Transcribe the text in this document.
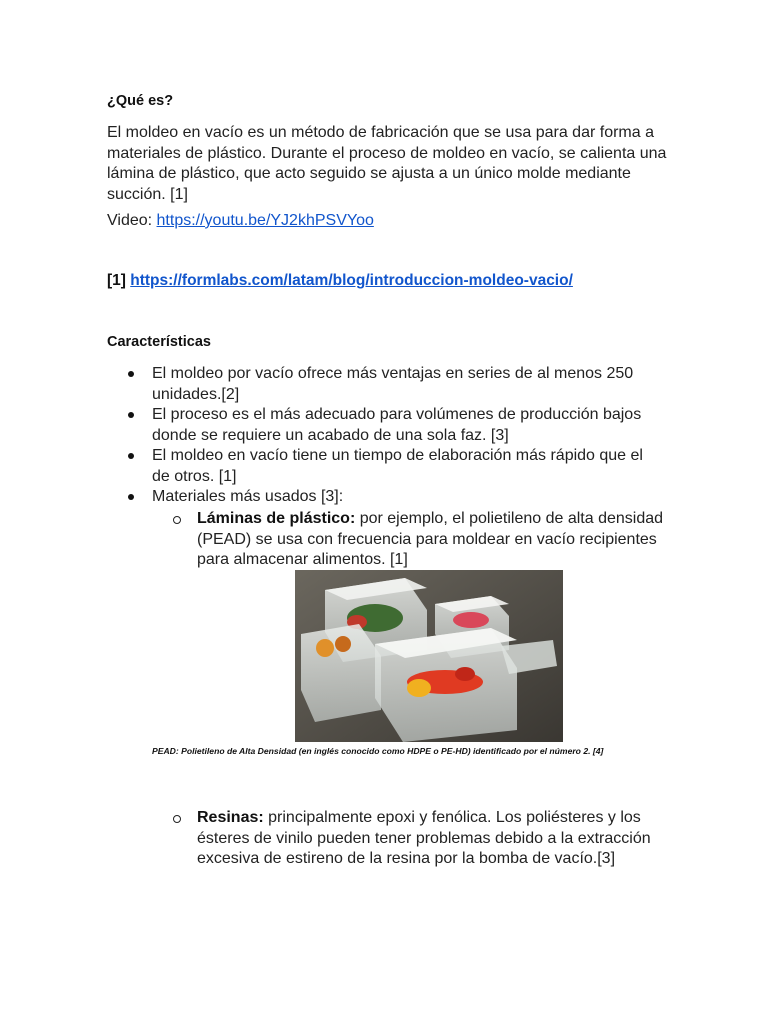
¿Qué es?
El moldeo en vacío es un método de fabricación que se usa para dar forma a materiales de plástico. Durante el proceso de moldeo en vacío, se calienta una lámina de plástico, que acto seguido se ajusta a un único molde mediante succión. [1]
Video: https://youtu.be/YJ2khPSVYoo
[1] https://formlabs.com/latam/blog/introduccion-moldeo-vacio/
Características
El moldeo por vacío ofrece más ventajas en series de al menos 250 unidades.[2]
El proceso es el más adecuado para volúmenes de producción bajos donde se requiere un acabado de una sola faz. [3]
El moldeo en vacío tiene un tiempo de elaboración más rápido que el de otros. [1]
Materiales más usados [3]:
Láminas de plástico: por ejemplo, el polietileno de alta densidad (PEAD) se usa con frecuencia para moldear en vacío recipientes para almacenar alimentos. [1]
PEAD: Polietileno de Alta Densidad (en inglés conocido como HDPE o PE-HD) identificado por el número 2. [4]
Resinas: principalmente epoxi y fenólica. Los poliésteres y los ésteres de vinilo pueden tener problemas debido a la extracción excesiva de estireno de la resina por la bomba de vacío.[3]
